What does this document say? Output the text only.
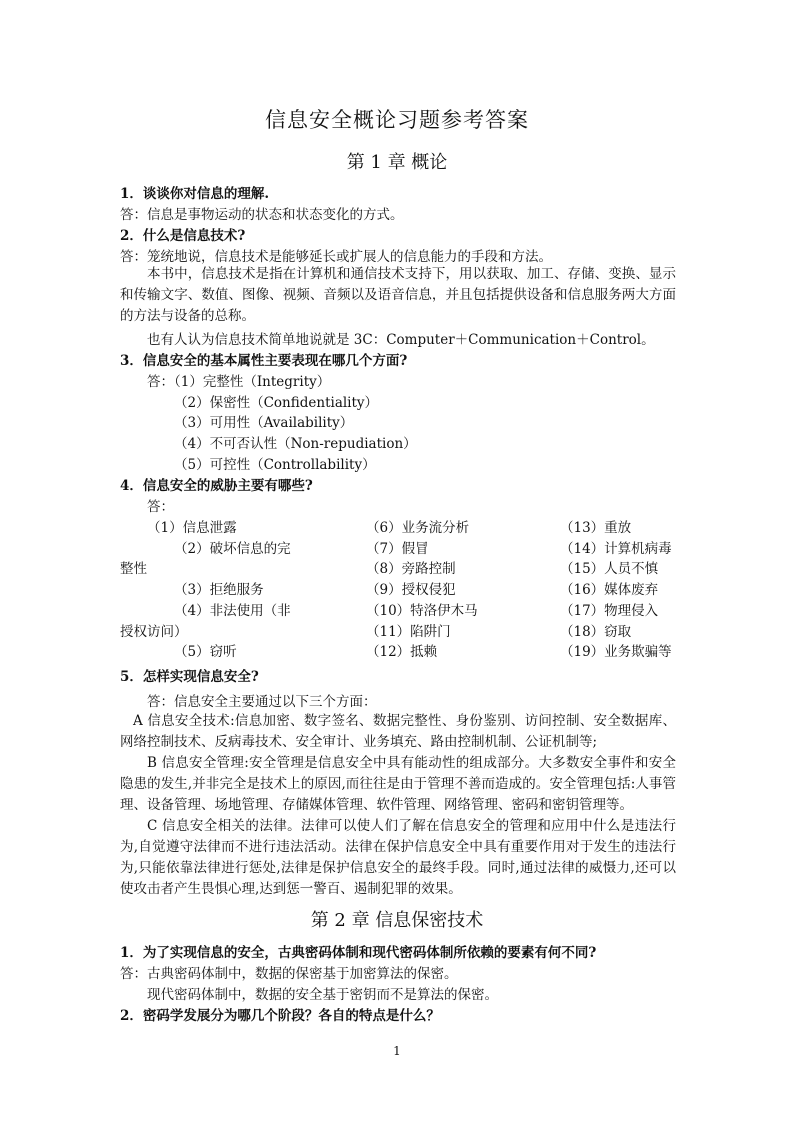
信息安全概论习题参考答案
第 1 章 概论
1．谈谈你对信息的理解.
答：信息是事物运动的状态和状态变化的方式。
2．什么是信息技术?
答：笼统地说，信息技术是能够延长或扩展人的信息能力的手段和方法。
本书中，信息技术是指在计算机和通信技术支持下，用以获取、加工、存储、变换、显示和传输文字、数值、图像、视频、音频以及语音信息，并且包括提供设备和信息服务两大方面的方法与设备的总称。
也有人认为信息技术简单地说就是 3C：Computer＋Communication＋Control。
3．信息安全的基本属性主要表现在哪几个方面?
答：（1）完整性（Integrity）
（2）保密性（Confidentiality）
（3）可用性（Availability）
（4）不可否认性（Non-repudiation）
（5）可控性（Controllability）
4．信息安全的威胁主要有哪些?
答：
（1）信息泄露
（2）破坏信息的完
整性
（3）拒绝服务
（4）非法使用（非
授权访问）
（5）窃听
（6）业务流分析
（7）假冒
（8）旁路控制
（9）授权侵犯
（10）特洛伊木马
（11）陷阱门
（12）抵赖
（13）重放
（14）计算机病毒
（15）人员不慎
（16）媒体废弃
（17）物理侵入
（18）窃取
（19）业务欺骗等
5．怎样实现信息安全?
答：信息安全主要通过以下三个方面：
A 信息安全技术:信息加密、数字签名、数据完整性、身份鉴别、访问控制、安全数据库、网络控制技术、反病毒技术、安全审计、业务填充、路由控制机制、公证机制等;
B 信息安全管理:安全管理是信息安全中具有能动性的组成部分。大多数安全事件和安全隐患的发生,并非完全是技术上的原因,而往往是由于管理不善而造成的。安全管理包括:人事管理、设备管理、场地管理、存储媒体管理、软件管理、网络管理、密码和密钥管理等。
C 信息安全相关的法律。法律可以使人们了解在信息安全的管理和应用中什么是违法行为,自觉遵守法律而不进行违法活动。法律在保护信息安全中具有重要作用对于发生的违法行为,只能依靠法律进行惩处,法律是保护信息安全的最终手段。同时,通过法律的威慑力,还可以使攻击者产生畏惧心理,达到惩一警百、遏制犯罪的效果。
第 2 章 信息保密技术
1．为了实现信息的安全，古典密码体制和现代密码体制所依赖的要素有何不同?
答：古典密码体制中，数据的保密基于加密算法的保密。
现代密码体制中，数据的安全基于密钥而不是算法的保密。
2．密码学发展分为哪几个阶段？各自的特点是什么？
1
